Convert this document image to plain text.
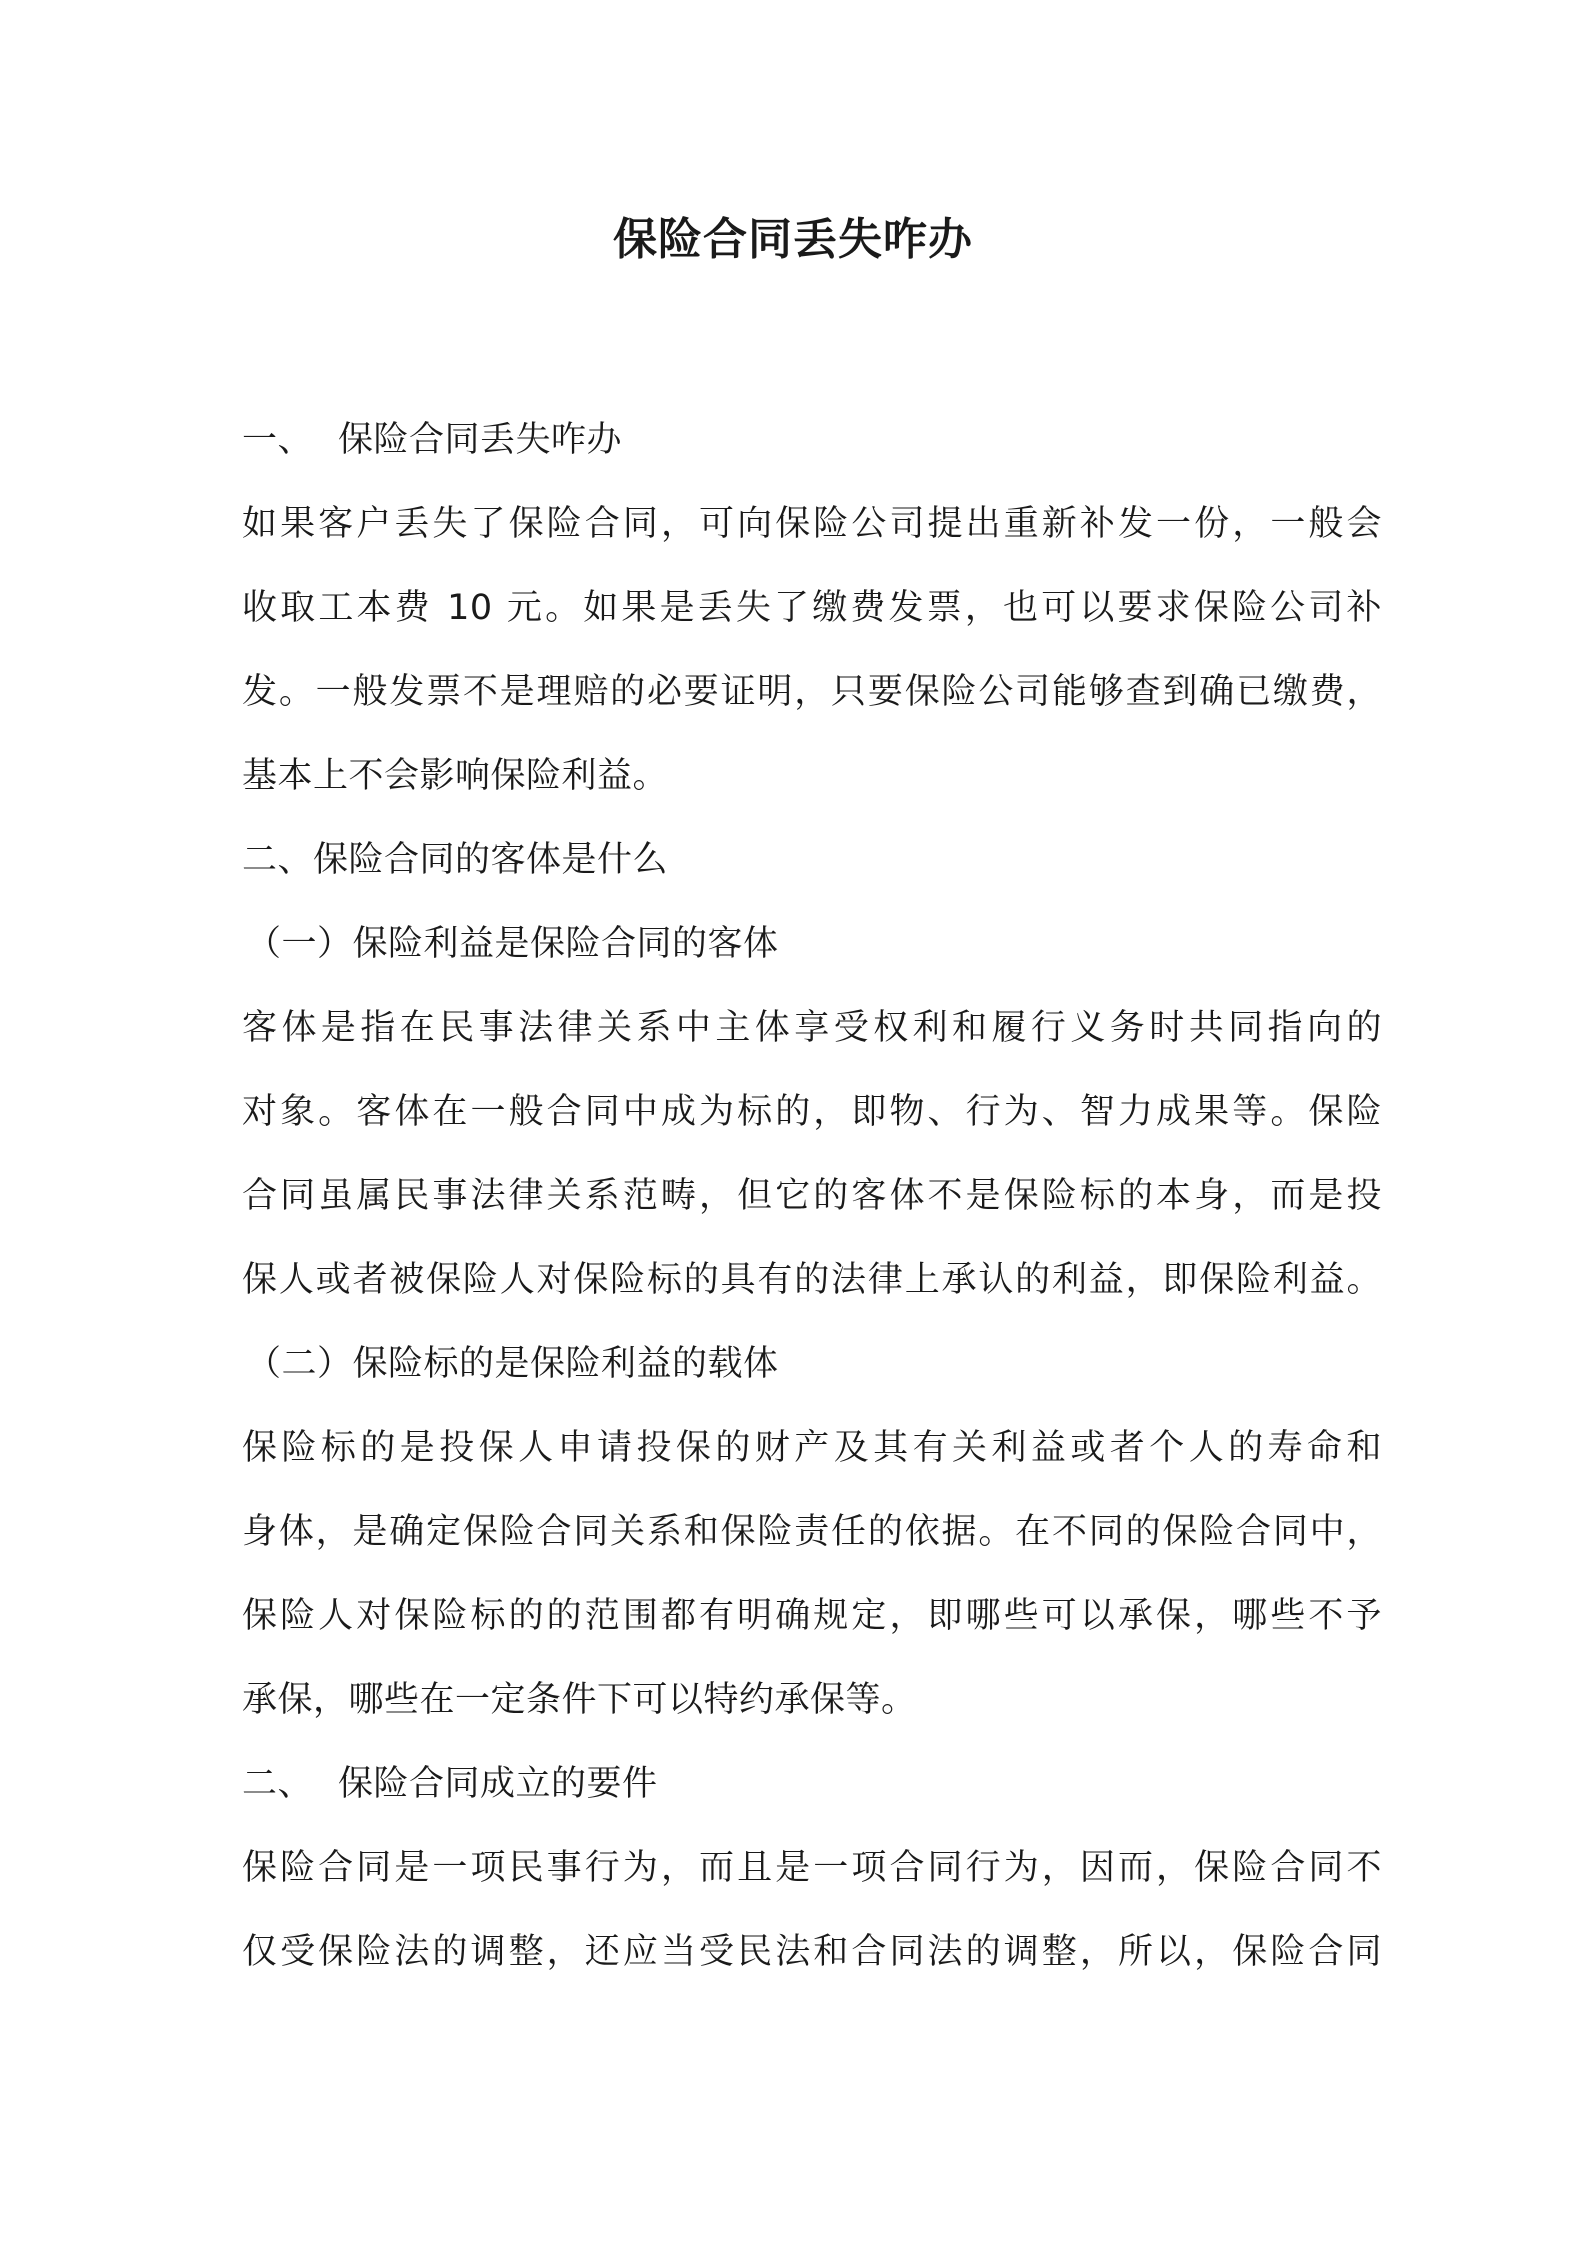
保险合同丢失咋办
一、 保险合同丢失咋办
如果客户丢失了保险合同，可向保险公司提出重新补发一份，一般会
收取工本费 10 元。如果是丢失了缴费发票，也可以要求保险公司补
发。一般发票不是理赔的必要证明，只要保险公司能够查到确已缴费，
基本上不会影响保险利益。
二、保险合同的客体是什么
（一）保险利益是保险合同的客体
客体是指在民事法律关系中主体享受权利和履行义务时共同指向的
对象。客体在一般合同中成为标的，即物、行为、智力成果等。保险
合同虽属民事法律关系范畴，但它的客体不是保险标的本身，而是投
保人或者被保险人对保险标的具有的法律上承认的利益，即保险利益。
（二）保险标的是保险利益的载体
保险标的是投保人申请投保的财产及其有关利益或者个人的寿命和
身体，是确定保险合同关系和保险责任的依据。在不同的保险合同中，
保险人对保险标的的范围都有明确规定，即哪些可以承保，哪些不予
承保，哪些在一定条件下可以特约承保等。
二、 保险合同成立的要件
保险合同是一项民事行为，而且是一项合同行为，因而，保险合同不
仅受保险法的调整，还应当受民法和合同法的调整，所以，保险合同
